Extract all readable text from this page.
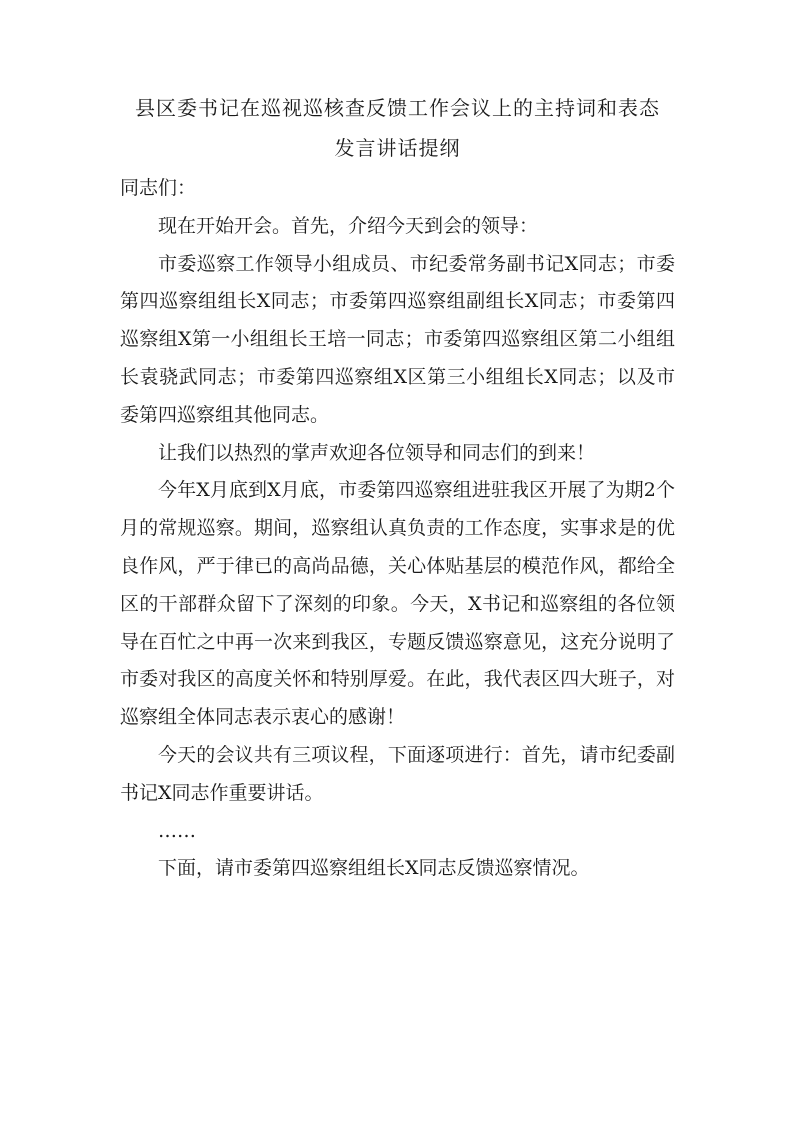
县区委书记在巡视巡核查反馈工作会议上的主持词和表态
发言讲话提纲

同志们：

现在开始开会。首先，介绍今天到会的领导：

市委巡察工作领导小组成员、市纪委常务副书记X同志；市委第四巡察组组长X同志；市委第四巡察组副组长X同志；市委第四巡察组X第一小组组长王培一同志；市委第四巡察组区第二小组组长袁骁武同志；市委第四巡察组X区第三小组组长X同志；以及市委第四巡察组其他同志。

让我们以热烈的掌声欢迎各位领导和同志们的到来！

今年X月底到X月底，市委第四巡察组进驻我区开展了为期2个月的常规巡察。期间，巡察组认真负责的工作态度，实事求是的优良作风，严于律已的高尚品德，关心体贴基层的模范作风，都给全区的干部群众留下了深刻的印象。今天，X书记和巡察组的各位领导在百忙之中再一次来到我区，专题反馈巡察意见，这充分说明了市委对我区的高度关怀和特别厚爱。在此，我代表区四大班子，对巡察组全体同志表示衷心的感谢！

今天的会议共有三项议程，下面逐项进行：首先，请市纪委副书记X同志作重要讲话。

……

下面，请市委第四巡察组组长X同志反馈巡察情况。
